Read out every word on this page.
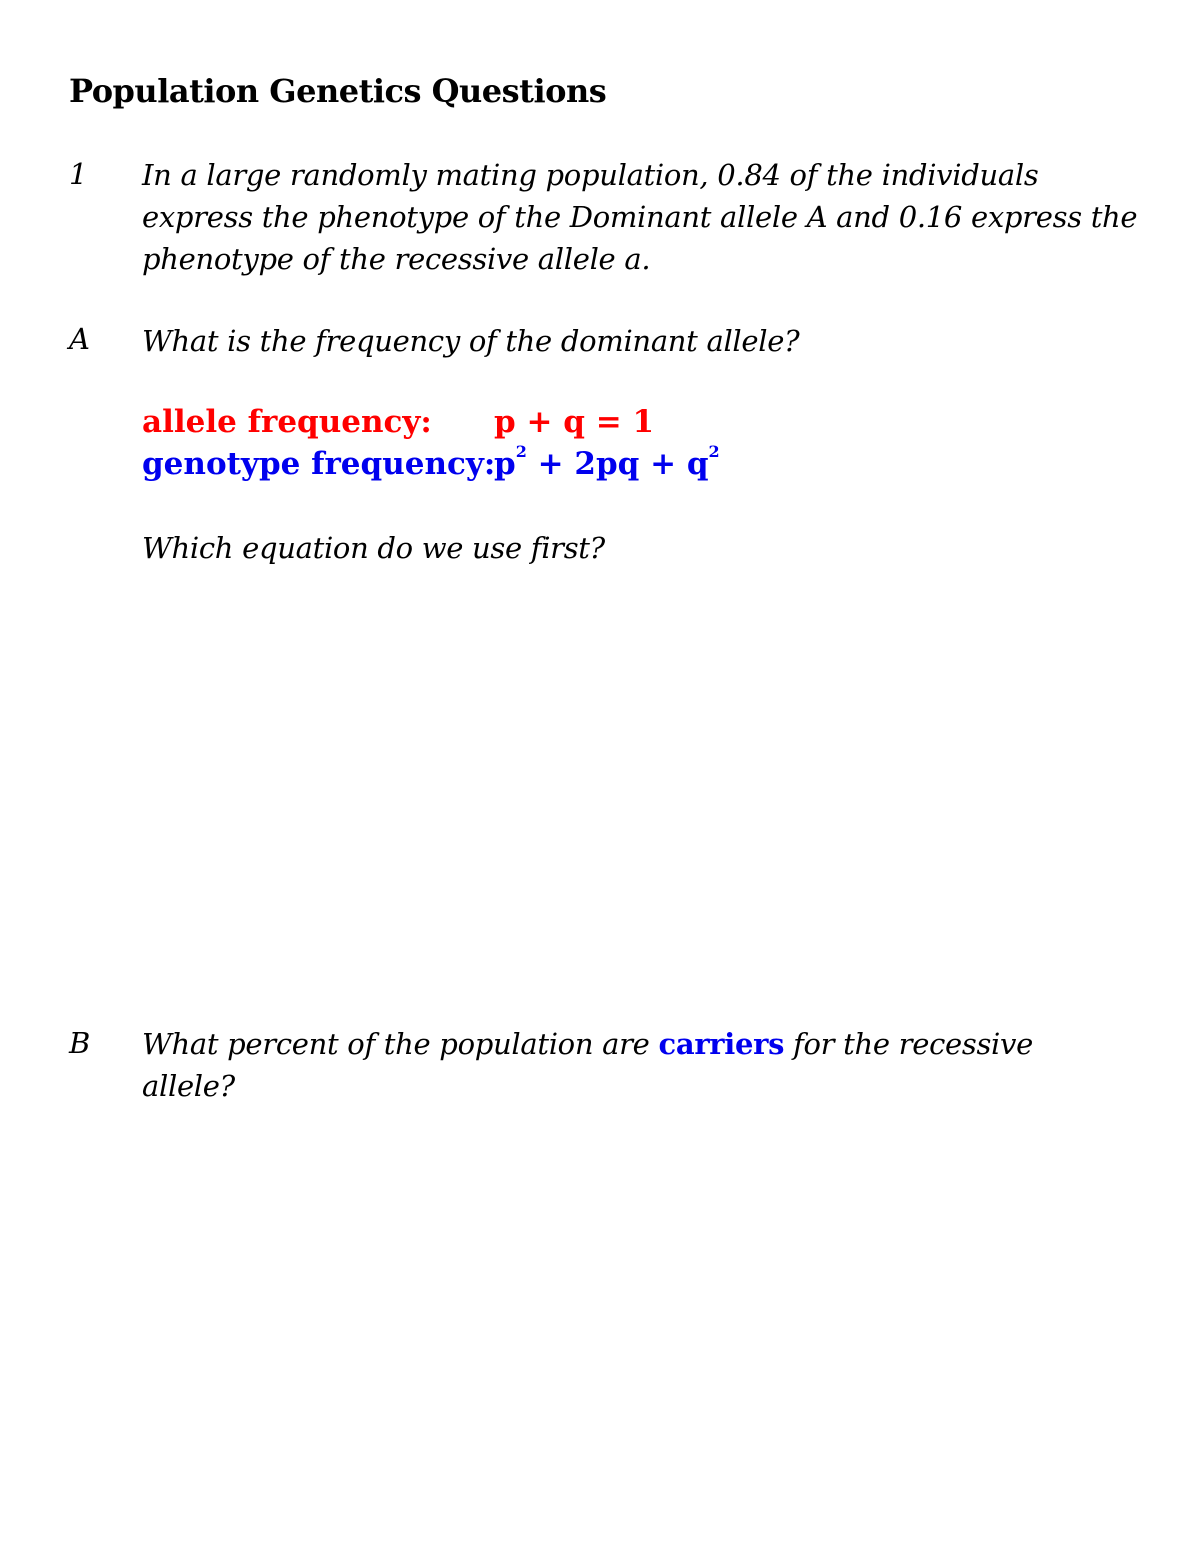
Population Genetics Questions
1 In a large randomly mating population, 0.84 of the individuals express the phenotype of the Dominant allele A and 0.16 express the phenotype of the recessive allele a.
A What is the frequency of the dominant allele?
allele frequency: p + q = 1
genotype $frequency:p^2 + 2pq + q^2$
Which equation do we use first?
B What percent of the population are carriers for the recessive allele?
